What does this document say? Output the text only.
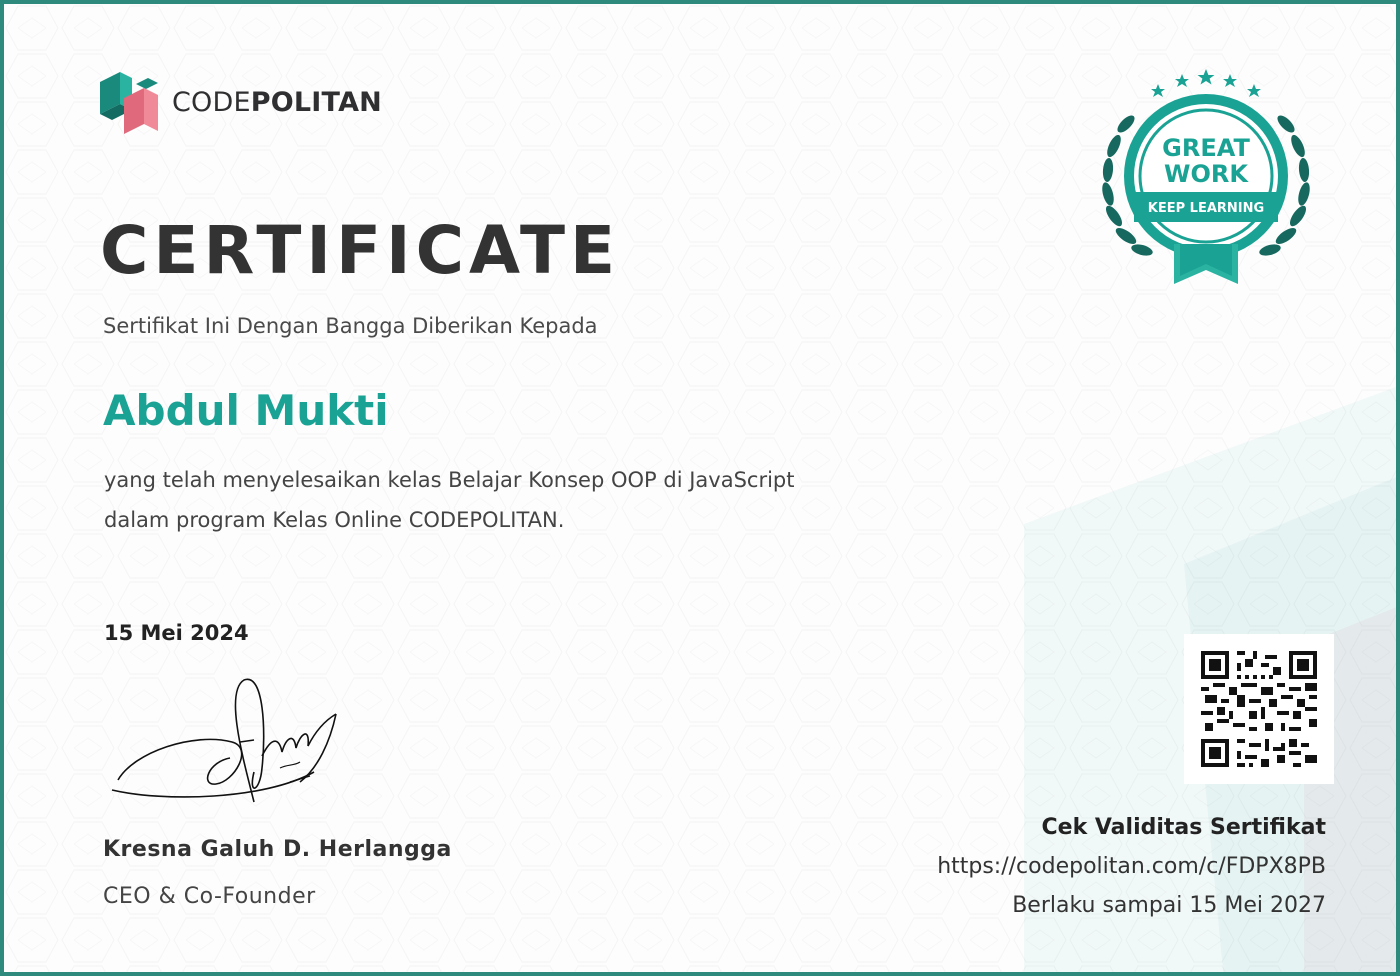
CODEPOLITAN
CERTIFICATE
Sertifikat Ini Dengan Bangga Diberikan Kepada
Abdul Mukti
yang telah menyelesaikan kelas Belajar Konsep OOP di JavaScript
dalam program Kelas Online CODEPOLITAN.
15 Mei 2024
Kresna Galuh D. Herlangga
CEO & Co-Founder
GREAT
WORK
KEEP LEARNING
Cek Validitas Sertifikat
https://codepolitan.com/c/FDPX8PB
Berlaku sampai 15 Mei 2027
